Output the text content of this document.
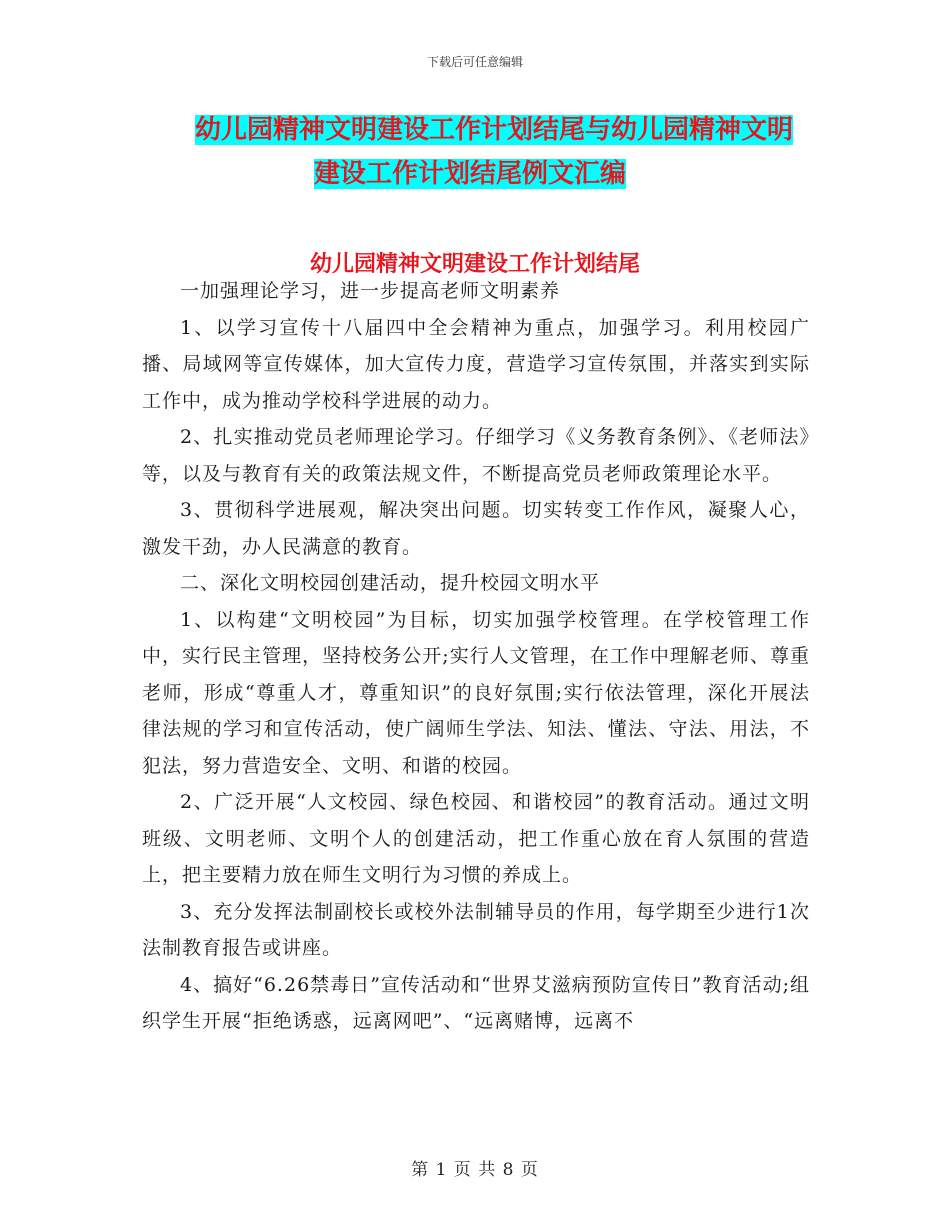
下载后可任意编辑
幼儿园精神文明建设工作计划结尾与幼儿园精神文明
建设工作计划结尾例文汇编
幼儿园精神文明建设工作计划结尾

一加强理论学习，进一步提高老师文明素养

1、以学习宣传十八届四中全会精神为重点，加强学习。利用校园广播、局域网等宣传媒体，加大宣传力度，营造学习宣传氛围，并落实到实际工作中，成为推动学校科学进展的动力。

2、扎实推动党员老师理论学习。仔细学习《义务教育条例》、《老师法》等，以及与教育有关的政策法规文件，不断提高党员老师政策理论水平。

3、贯彻科学进展观，解决突出问题。切实转变工作作风，凝聚人心，激发干劲，办人民满意的教育。

二、深化文明校园创建活动，提升校园文明水平

1、以构建“文明校园”为目标，切实加强学校管理。在学校管理工作中，实行民主管理，坚持校务公开;实行人文管理，在工作中理解老师、尊重老师，形成“尊重人才，尊重知识”的良好氛围;实行依法管理，深化开展法律法规的学习和宣传活动，使广阔师生学法、知法、懂法、守法、用法，不犯法，努力营造安全、文明、和谐的校园。

2、广泛开展“人文校园、绿色校园、和谐校园”的教育活动。通过文明班级、文明老师、文明个人的创建活动，把工作重心放在育人氛围的营造上，把主要精力放在师生文明行为习惯的养成上。

3、充分发挥法制副校长或校外法制辅导员的作用，每学期至少进行1次法制教育报告或讲座。

4、搞好“6.26禁毒日”宣传活动和“世界艾滋病预防宣传日”教育活动;组织学生开展“拒绝诱惑，远离网吧”、“远离赌博，远离不

第 1 页 共 8 页
